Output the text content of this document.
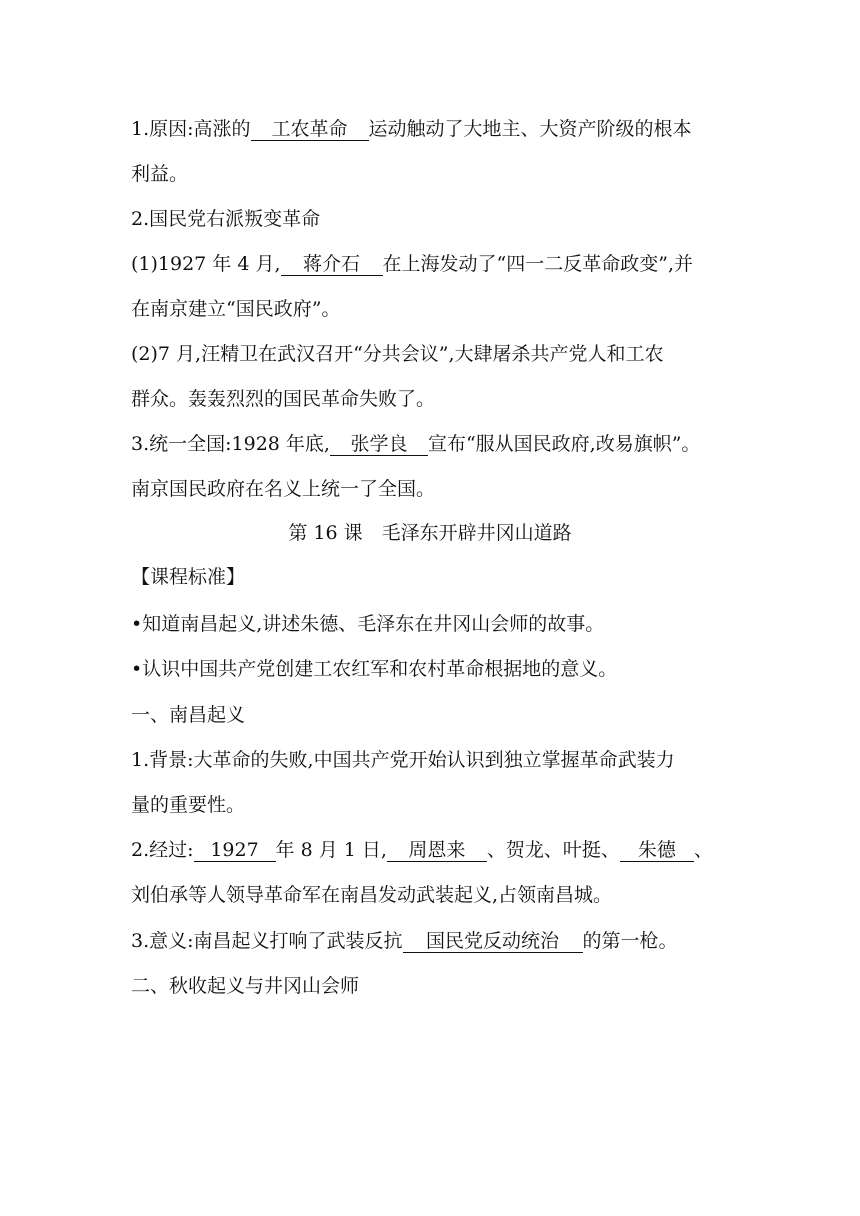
1.原因:高涨的 工农革命 运动触动了大地主、大资产阶级的根本
利益。
2.国民党右派叛变革命
(1)1927 年 4 月, 蒋介石 在上海发动了“四一二反革命政变”,并
在南京建立“国民政府”。
(2)7 月,汪精卫在武汉召开“分共会议”,大肆屠杀共产党人和工农
群众。轰轰烈烈的国民革命失败了。
3.统一全国:1928 年底, 张学良 宣布“服从国民政府,改易旗帜”。
南京国民政府在名义上统一了全国。
第 16 课　毛泽东开辟井冈山道路
【课程标准】
•知道南昌起义,讲述朱德、毛泽东在井冈山会师的故事。
•认识中国共产党创建工农红军和农村革命根据地的意义。
一、南昌起义
1.背景:大革命的失败,中国共产党开始认识到独立掌握革命武装力
量的重要性。
2.经过: 1927 年 8 月 1 日, 周恩来 、贺龙、叶挺、 朱德 、
刘伯承等人领导革命军在南昌发动武装起义,占领南昌城。
3.意义:南昌起义打响了武装反抗 国民党反动统治 的第一枪。
二、秋收起义与井冈山会师
